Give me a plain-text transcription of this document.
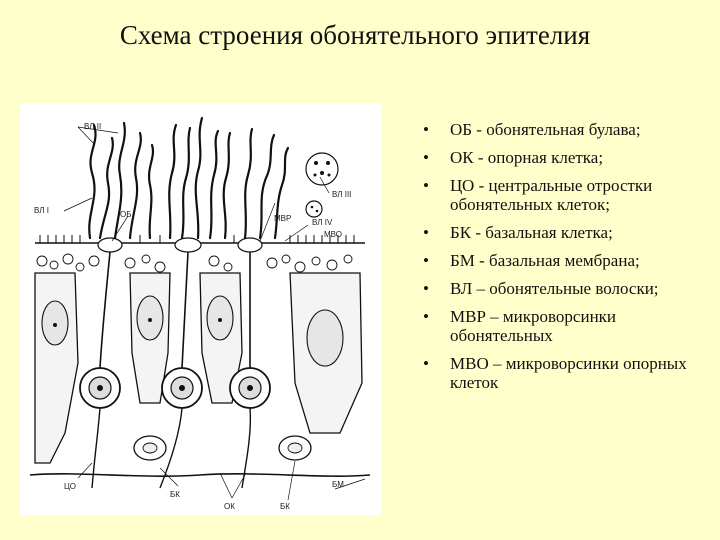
Схема строения обонятельного эпителия
ВЛ II
ВЛ I	ОБ
ВЛ III
МВР	ВЛ IV
МВО
ЦО
БК
ОК	БК
БМ
• ОБ - обонятельная булава;
• ОК - опорная клетка;
• ЦО - центральные отростки обонятельных клеток;
• БК - базальная клетка;
• БМ - базальная мембрана;
• ВЛ – обонятельные волоски;
• МВР – микроворсинки обонятельных
• МВО – микроворсинки опорных клеток
